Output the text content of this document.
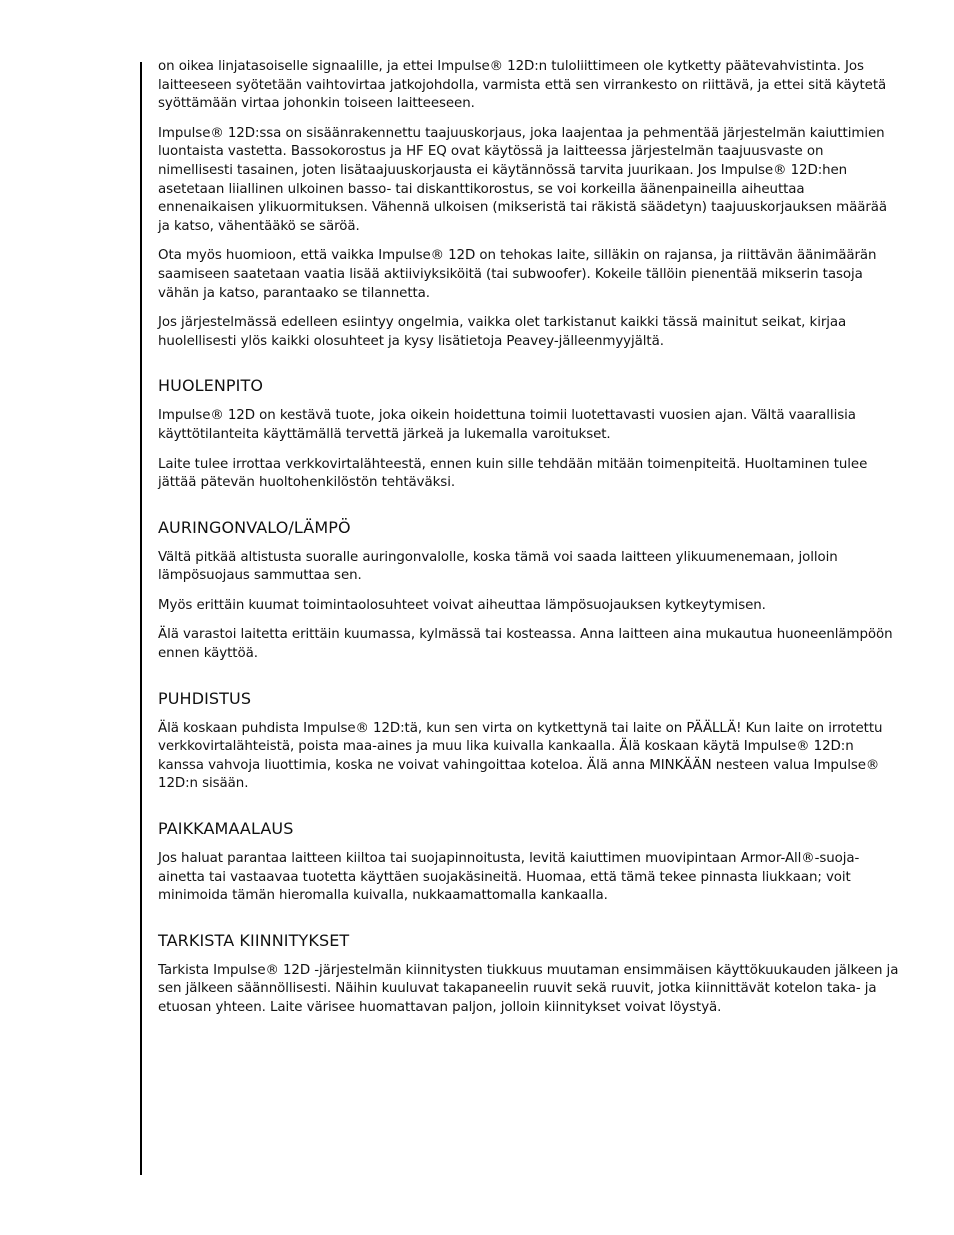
on oikea linjatasoiselle signaalille, ja ettei Impulse® 12D:n tuloliittimeen ole kytketty päätevahvistinta. Jos laitteeseen syötetään vaihtovirtaa jatkojohdolla, varmista että sen virrankesto on riittävä, ja ettei sitä käytetä syöttämään virtaa johonkin toiseen laitteeseen.

Impulse® 12D:ssa on sisäänrakennettu taajuuskorjaus, joka laajentaa ja pehmentää järjestelmän kaiuttimien luontaista vastetta. Bassokorostus ja HF EQ ovat käytössä ja laitteessa järjestelmän taajuusvaste on nimellisesti tasainen, joten lisätaajuuskorjausta ei käytännössä tarvita juurikaan. Jos Impulse® 12D:hen asetetaan liiallinen ulkoinen basso- tai diskanttikorostus, se voi korkeilla äänenpaineilla aiheuttaa ennenaikaisen ylikuormituksen. Vähennä ulkoisen (mikseristä tai räkistä säädetyn) taajuuskorjauksen määrää ja katso, vähentääkö se säröä.

Ota myös huomioon, että vaikka Impulse® 12D on tehokas laite, silläkin on rajansa, ja riittävän äänimäärän saamiseen saatetaan vaatia lisää aktiiviyksiköitä (tai subwoofer). Kokeile tällöin pienentää mikserin tasoja vähän ja katso, parantaako se tilannetta.

Jos järjestelmässä edelleen esiintyy ongelmia, vaikka olet tarkistanut kaikki tässä mainitut seikat, kirjaa huolellisesti ylös kaikki olosuhteet ja kysy lisätietoja Peavey-jälleenmyyjältä.

HUOLENPITO

Impulse® 12D on kestävä tuote, joka oikein hoidettuna toimii luotettavasti vuosien ajan. Vältä vaarallisia käyttötilanteita käyttämällä tervettä järkeä ja lukemalla varoitukset.

Laite tulee irrottaa verkkovirtalähteestä, ennen kuin sille tehdään mitään toimenpiteitä. Huoltaminen tulee jättää pätevän huoltohenkilöstön tehtäväksi.

AURINGONVALO/LÄMPÖ

Vältä pitkää altistusta suoralle auringonvalolle, koska tämä voi saada laitteen ylikuumenemaan, jolloin lämpösuojaus sammuttaa sen.

Myös erittäin kuumat toimintaolosuhteet voivat aiheuttaa lämpösuojauksen kytkeytymisen.

Älä varastoi laitetta erittäin kuumassa, kylmässä tai kosteassa. Anna laitteen aina mukautua huoneenlämpöön ennen käyttöä.

PUHDISTUS

Älä koskaan puhdista Impulse® 12D:tä, kun sen virta on kytkettynä tai laite on PÄÄLLÄ! Kun laite on irrotettu verkkovirtalähteistä, poista maa-aines ja muu lika kuivalla kankaalla. Älä koskaan käytä Impulse® 12D:n kanssa vahvoja liuottimia, koska ne voivat vahingoittaa koteloa. Älä anna MINKÄÄN nesteen valua Impulse® 12D:n sisään.

PAIKKAMAALAUS

Jos haluat parantaa laitteen kiiltoa tai suojapinnoitusta, levitä kaiuttimen muovipintaan Armor-All®-suoja-ainetta tai vastaavaa tuotetta käyttäen suojakäsineitä. Huomaa, että tämä tekee pinnasta liukkaan; voit minimoida tämän hieromalla kuivalla, nukkaamattomalla kankaalla.

TARKISTA KIINNITYKSET

Tarkista Impulse® 12D -järjestelmän kiinnitysten tiukkuus muutaman ensimmäisen käyttökuukauden jälkeen ja sen jälkeen säännöllisesti. Näihin kuuluvat takapaneelin ruuvit sekä ruuvit, jotka kiinnittävät kotelon taka- ja etuosan yhteen. Laite värisee huomattavan paljon, jolloin kiinnitykset voivat löystyä.
